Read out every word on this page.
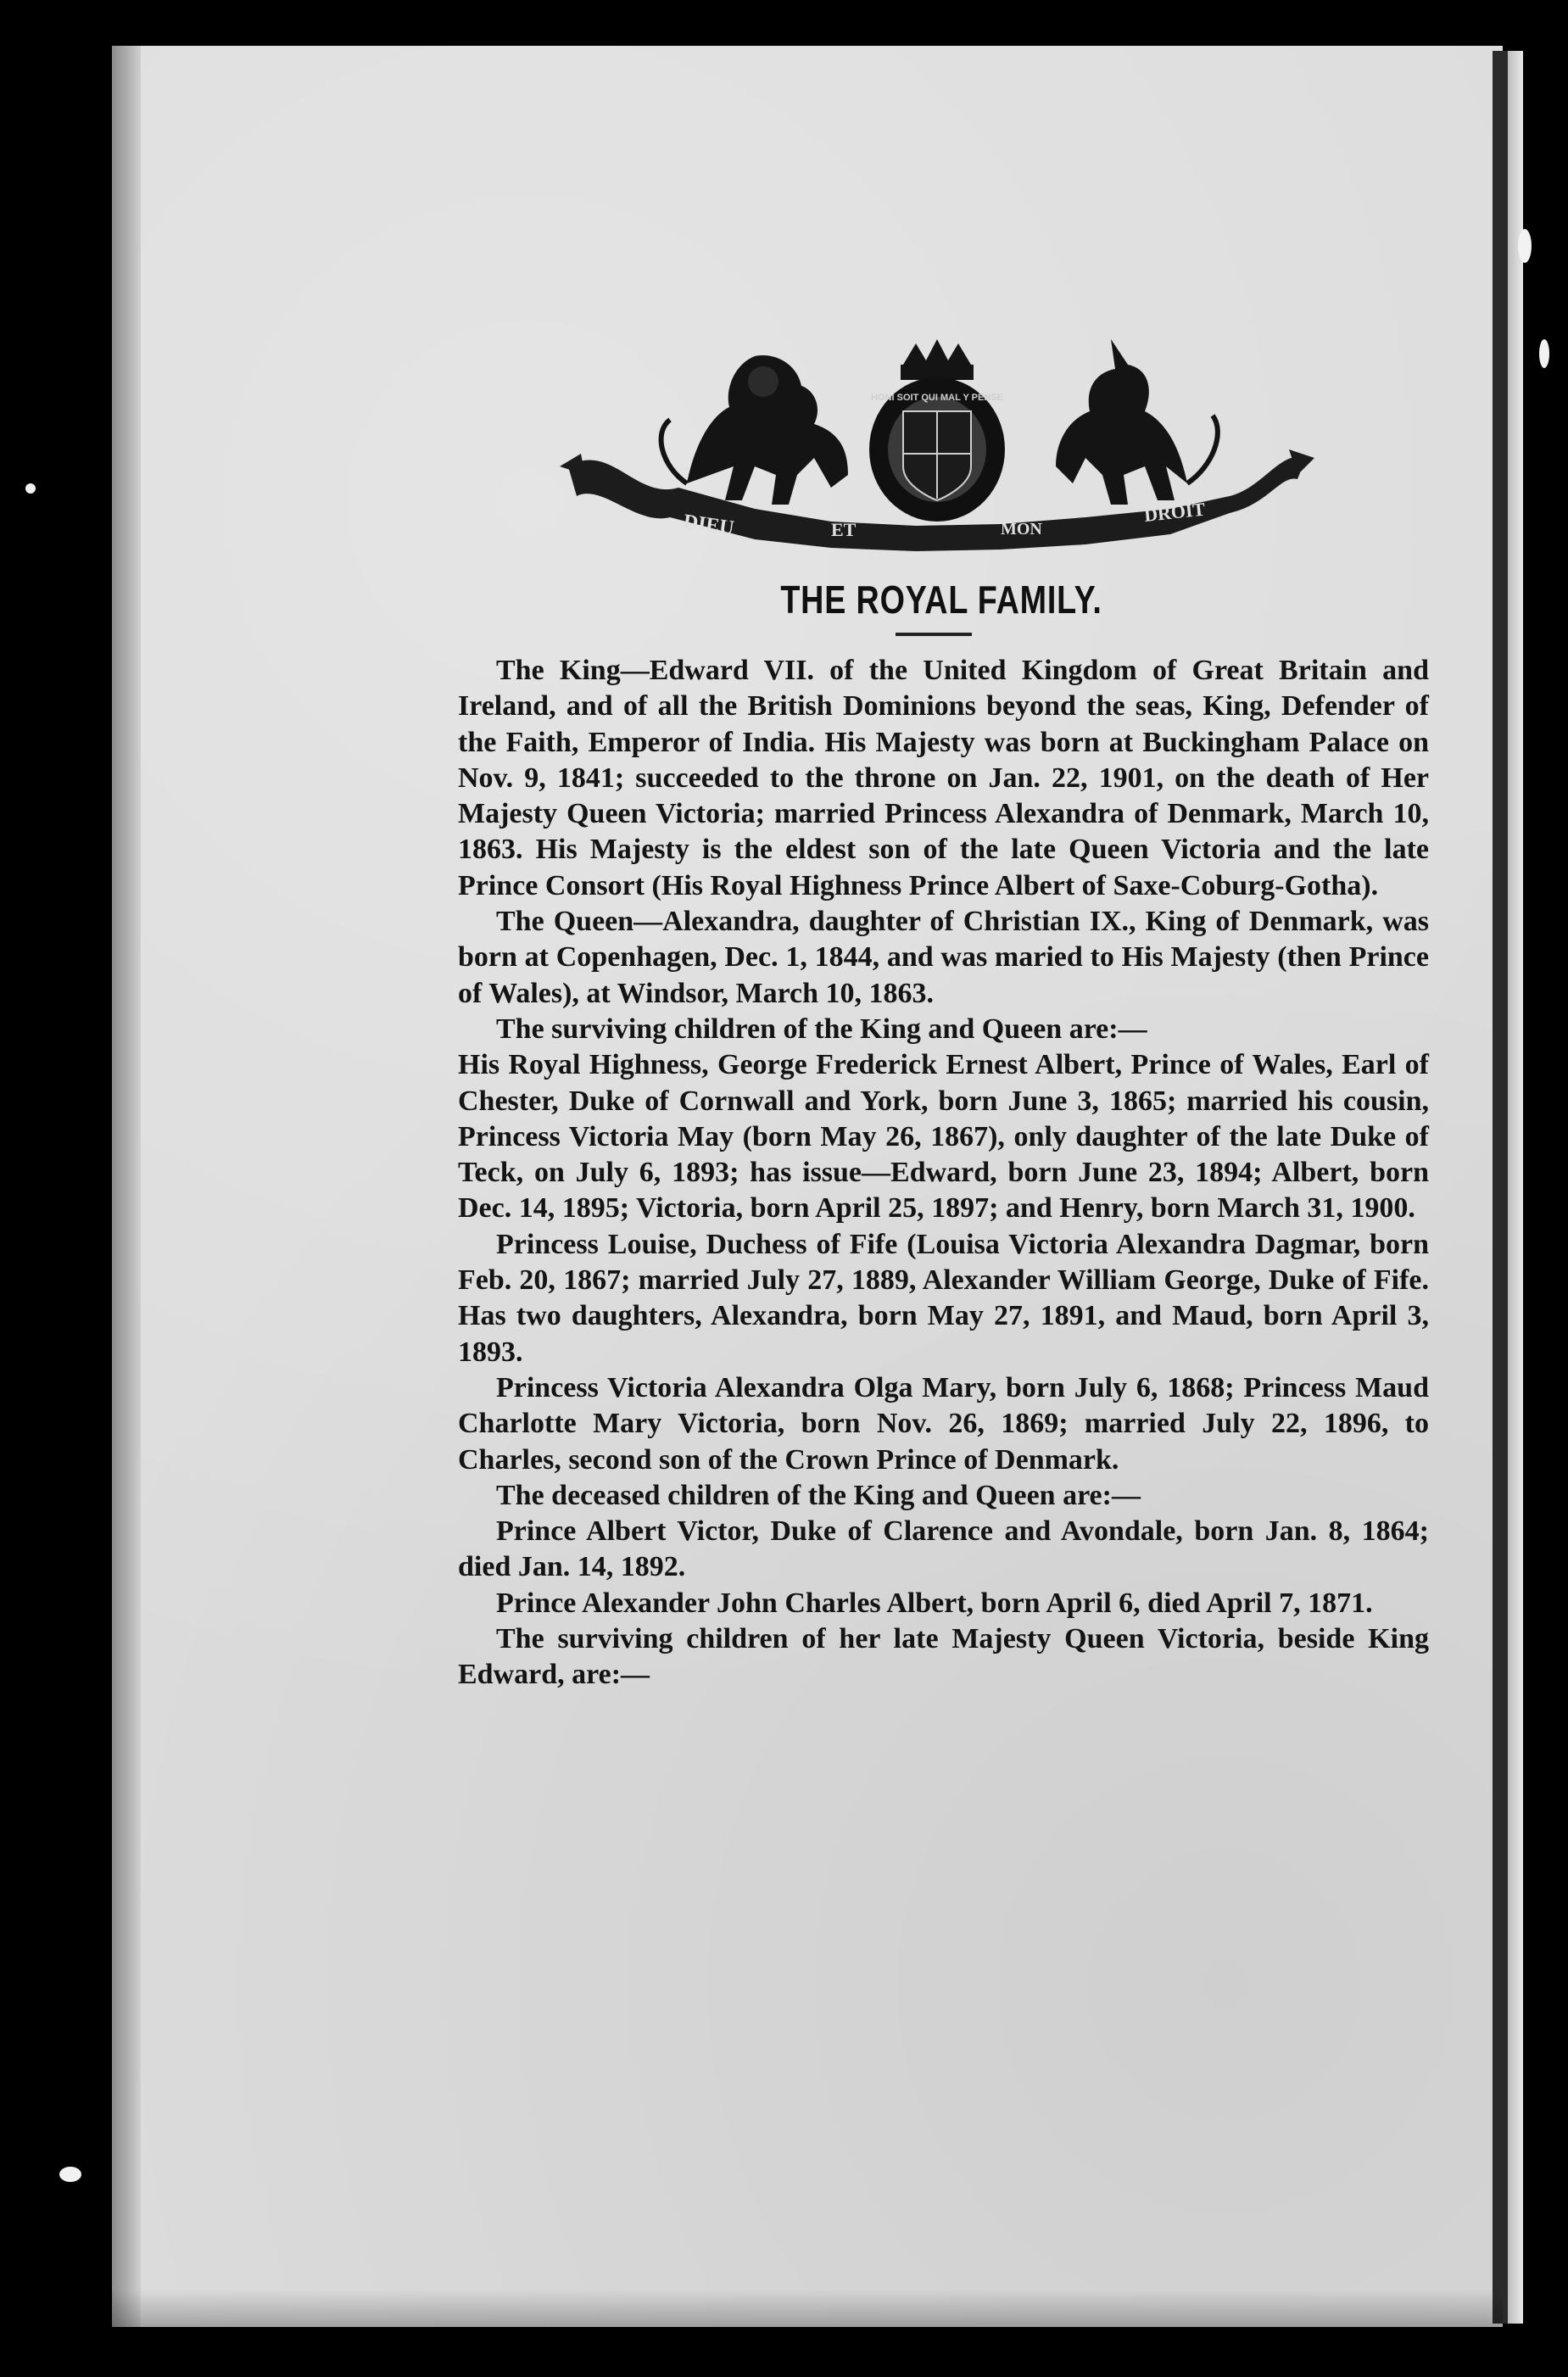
DIEU	ET	MON
DROIT
HONI SOIT QUI MAL Y PENSE
THE ROYAL FAMILY.

The King—Edward VII. of the United Kingdom of Great Britain and Ireland, and of all the British Dominions beyond the seas, King, Defender of the Faith, Emperor of India. His Majesty was born at Buckingham Palace on Nov. 9, 1841; succeeded to the throne on Jan. 22, 1901, on the death of Her Majesty Queen Victoria; married Princess Alexandra of Denmark, March 10, 1863. His Majesty is the eldest son of the late Queen Victoria and the late Prince Consort (His Royal Highness Prince Albert of Saxe-Coburg-Gotha).

The Queen—Alexandra, daughter of Christian IX., King of Denmark, was born at Copenhagen, Dec. 1, 1844, and was maried to His Majesty (then Prince of Wales), at Windsor, March 10, 1863.

The surviving children of the King and Queen are:—

His Royal Highness, George Frederick Ernest Albert, Prince of Wales, Earl of Chester, Duke of Cornwall and York, born June 3, 1865; married his cousin, Princess Victoria May (born May 26, 1867), only daughter of the late Duke of Teck, on July 6, 1893; has issue—Edward, born June 23, 1894; Albert, born Dec. 14, 1895; Victoria, born April 25, 1897; and Henry, born March 31, 1900.

Princess Louise, Duchess of Fife (Louisa Victoria Alexandra Dagmar, born Feb. 20, 1867; married July 27, 1889, Alexander William George, Duke of Fife. Has two daughters, Alexandra, born May 27, 1891, and Maud, born April 3, 1893.

Princess Victoria Alexandra Olga Mary, born July 6, 1868; Princess Maud Charlotte Mary Victoria, born Nov. 26, 1869; married July 22, 1896, to Charles, second son of the Crown Prince of Denmark.

The deceased children of the King and Queen are:—

Prince Albert Victor, Duke of Clarence and Avondale, born Jan. 8, 1864; died Jan. 14, 1892.

Prince Alexander John Charles Albert, born April 6, died April 7, 1871.

The surviving children of her late Majesty Queen Victoria, beside King Edward, are:—
